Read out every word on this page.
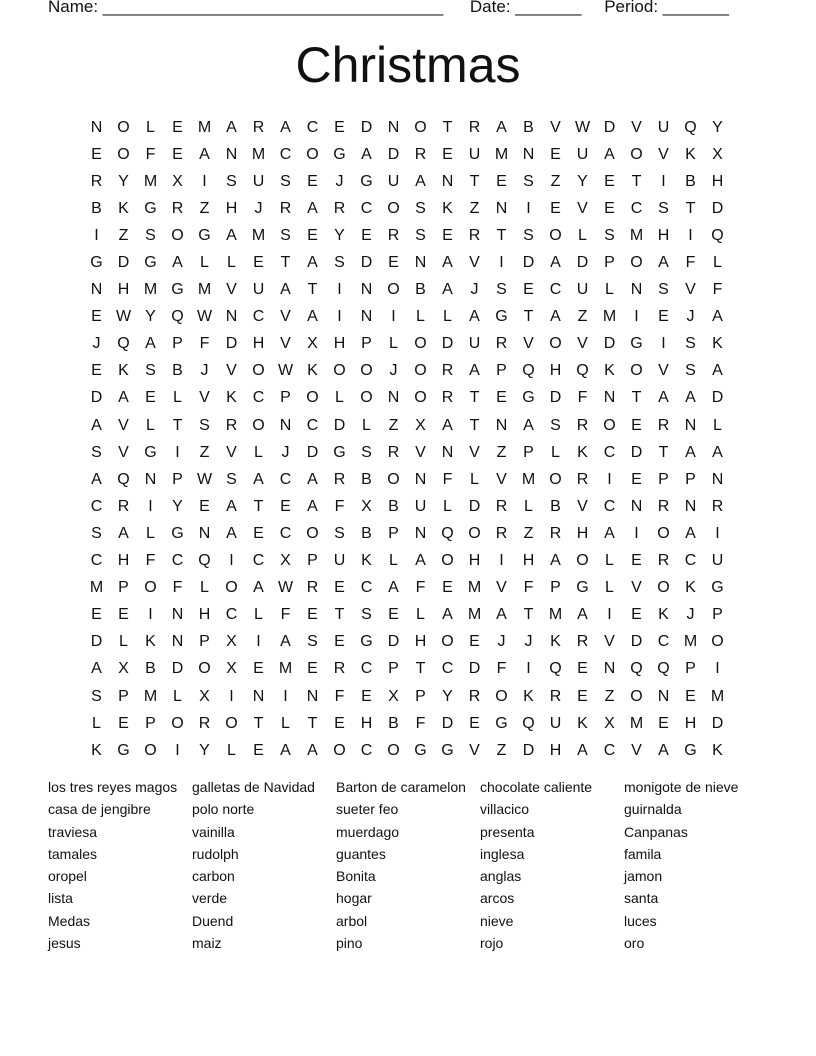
Name: ____________________________________ Date: _______ Period: _______
Christmas
N O	L	E M A R A C E D N O T	R A	B	V W D V U Q Y
E O F	E	A N M C O G A D R E U M N E U A O V	K	X
R Y M X	I	S U S	E	J	G U A N	T	E	S	Z	Y	E	T	I	B H
B	K G R	Z	H	J	R A R C O S	K	Z	N	I	E	V	E C S	T	D
I	Z	S O G A M S	E	Y	E R S	E R	T	S O	L	S M H	I	Q
G D G A	L	L	E	T	A	S D E N A	V	I	D A D P O A	F	L
N H M G M V U A	T	I	N O B	A	J	S	E C U	L	N S	V	F
E W Y Q W N C V	A	I	N	I	L	L	A G T	A	Z M	I	E	J	A
J	Q A	P	F	D H V	X H P	L	O D U R V O V D G	I	S	K
E	K	S	B	J	V O W K O O	J	O R A	P Q H Q K O V	S	A
D A	E	L	V	K C P O	L	O N O R	T	E G D	F	N	T	A	A D
A	V	L	T	S R O N C D	L	Z	X	A	T	N A	S R O E R N	L
S	V G	I	Z	V	L	J	D G S R V N V	Z	P	L	K C D	T	A	A
A Q N P W S	A C A R B O N	F	L	V M O R	I	E	P	P N
C R	I	Y	E	A	T	E	A	F	X	B U	L	D R	L	B	V C N R N R
S	A	L	G N A	E C O S	B	P N Q O R	Z	R H A	I	O A	I
C H	F	C Q	I	C X	P U K	L	A O H	I	H A O	L	E R C U
M P O F	L	O A W R E C A	F	E M V	F	P G	L	V O K G
E	E	I	N H C	L	F	E	T	S	E	L	A M A	T M A	I	E	K	J	P
D	L	K N P	X	I	A	S	E G D H O E	J	J	K R V D C M O
A	X	B D O X	E M E R C P	T	C D	F	I	Q E N Q Q P	I
S	P M L	X	I	N	I	N	F	E	X	P	Y R O K R E	Z O N E M
L	E	P O R O T	L	T	E H B	F	D E G Q U K	X M E H D
K G O	I	Y	L	E	A	A O C O G G V	Z	D H A C V	A G K
los tres reyes magos	galletas de Navidad	Barton de caramelon	chocolate caliente	monigote de nieve
casa de jengibre	polo norte	sueter feo	villacico	guirnalda
traviesa	vainilla	muerdago	presenta	Canpanas
tamales	rudolph	guantes	inglesa	famila
oropel	carbon	Bonita	anglas	jamon
lista	verde	hogar	arcos	santa
Medas	Duend	arbol	nieve	luces
jesus	maiz	pino	rojo	oro
